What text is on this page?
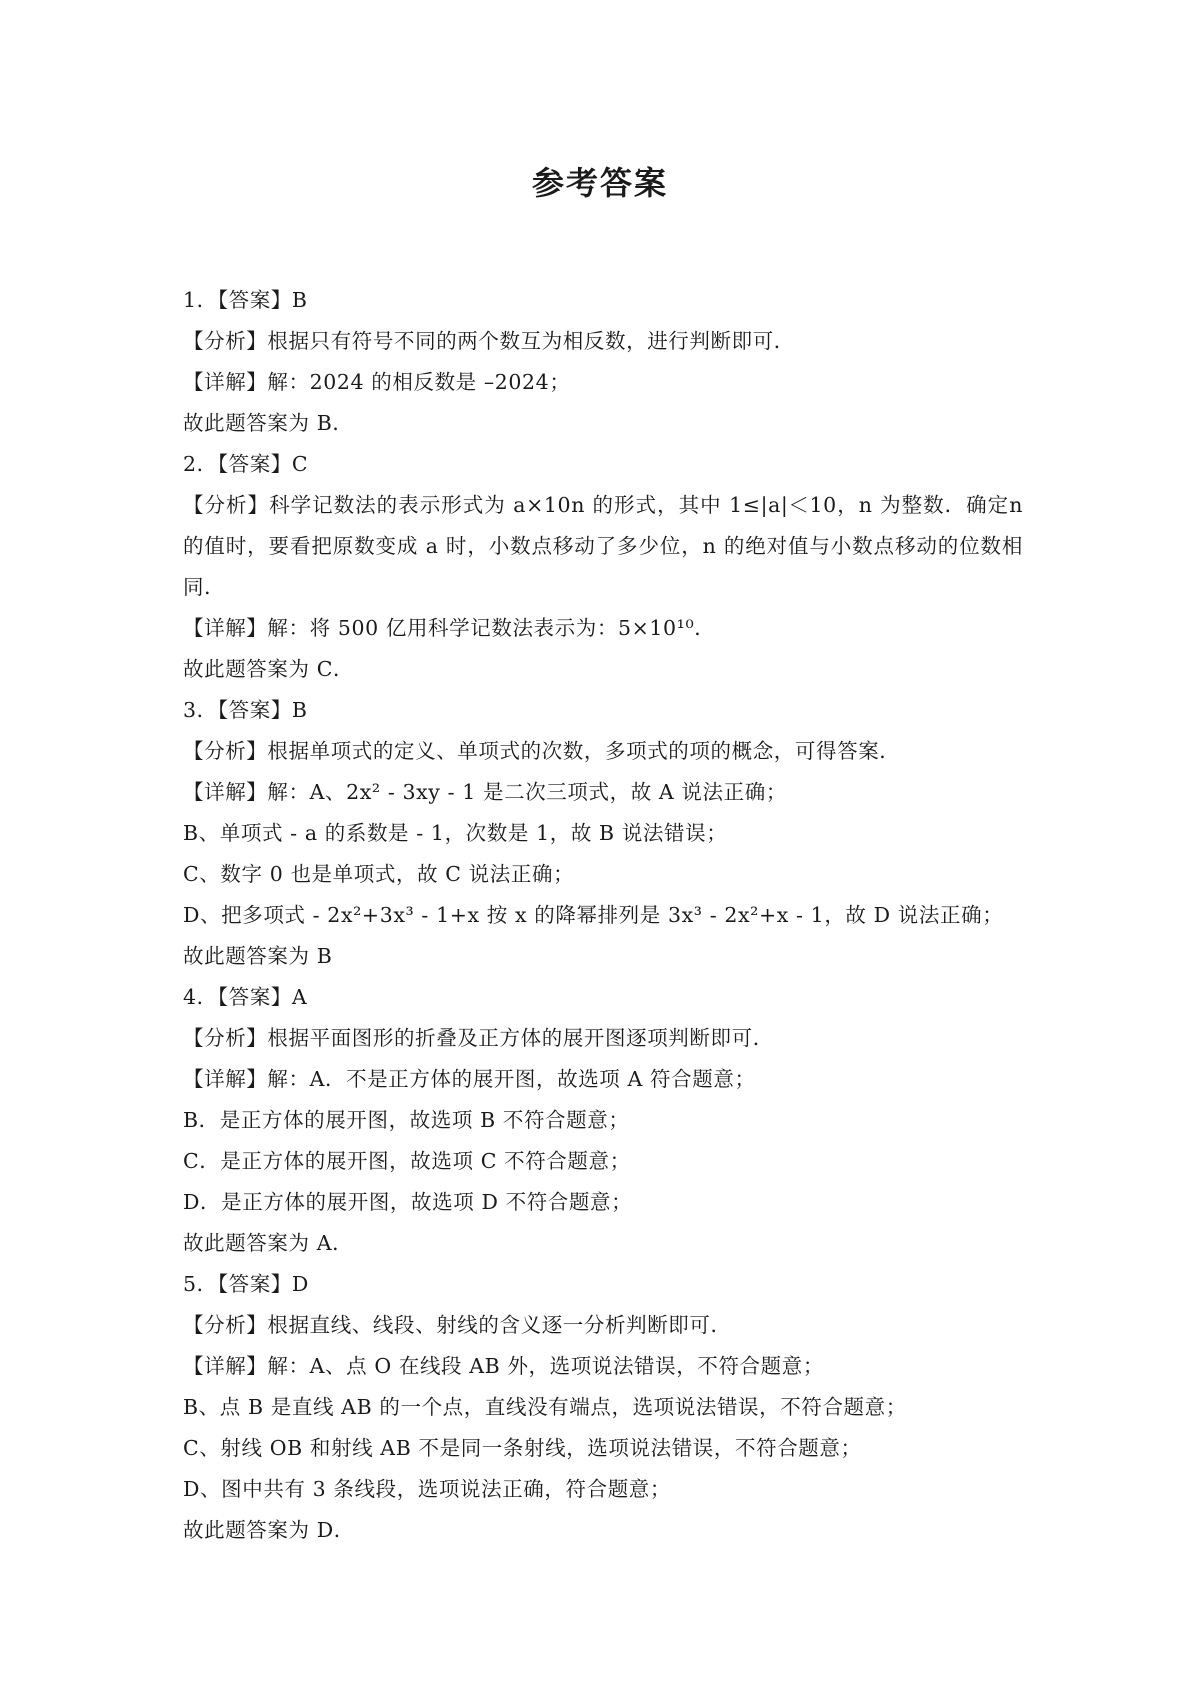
参考答案
1．【答案】B
【分析】根据只有符号不同的两个数互为相反数，进行判断即可．
【详解】解：2024 的相反数是 –2024；
故此题答案为 B．
2．【答案】C
【分析】科学记数法的表示形式为 a×10n 的形式，其中 1≤|a|＜10，n 为整数．确定n 的值时，要看把原数变成 a 时，小数点移动了多少位，n 的绝对值与小数点移动的位数相同．
【详解】解：将 500 亿用科学记数法表示为：5×10¹⁰．
故此题答案为 C．
3．【答案】B
【分析】根据单项式的定义、单项式的次数，多项式的项的概念，可得答案．
【详解】解：A、2x² - 3xy - 1 是二次三项式，故 A 说法正确；
B、单项式 - a 的系数是 - 1，次数是 1，故 B 说法错误；
C、数字 0 也是单项式，故 C 说法正确；
D、把多项式 - 2x²+3x³ - 1+x 按 x 的降幂排列是 3x³ - 2x²+x - 1，故 D 说法正确；
故此题答案为 B
4．【答案】A
【分析】根据平面图形的折叠及正方体的展开图逐项判断即可．
【详解】解：A．不是正方体的展开图，故选项 A 符合题意；
B．是正方体的展开图，故选项 B 不符合题意；
C．是正方体的展开图，故选项 C 不符合题意；
D．是正方体的展开图，故选项 D 不符合题意；
故此题答案为 A．
5．【答案】D
【分析】根据直线、线段、射线的含义逐一分析判断即可．
【详解】解：A、点 O 在线段 AB 外，选项说法错误，不符合题意；
B、点 B 是直线 AB 的一个点，直线没有端点，选项说法错误，不符合题意；
C、射线 OB 和射线 AB 不是同一条射线，选项说法错误，不符合题意；
D、图中共有 3 条线段，选项说法正确，符合题意；
故此题答案为 D．
